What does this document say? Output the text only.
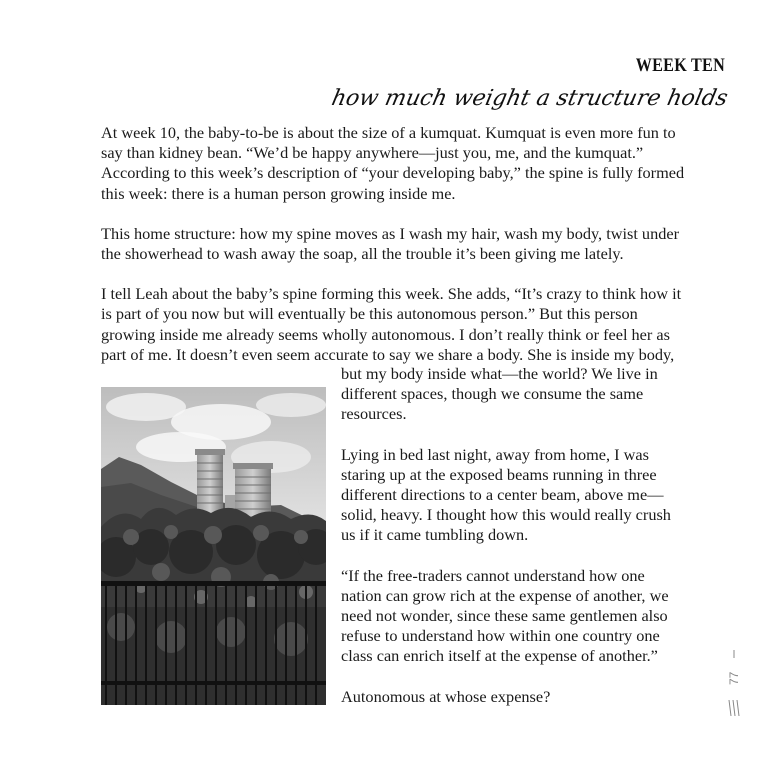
WEEK TEN
how much weight a structure holds

At week 10, the baby-to-be is about the size of a kumquat. Kumquat is even more fun to say than kidney bean. “We’d be happy anywhere—just you, me, and the kumquat.” According to this week’s description of “your developing baby,” the spine is fully formed this week: there is a human person growing inside me.

This home structure: how my spine moves as I wash my hair, wash my body, twist under the showerhead to wash away the soap, all the trouble it’s been giving me lately.

I tell Leah about the baby’s spine forming this week. She adds, “It’s crazy to think how it is part of you now but will eventually be this autonomous person.” But this person growing inside me already seems wholly autonomous. I don’t really think or feel her as part of me. It doesn’t even seem accurate to say we share a body. She is inside my body,

but my body inside what—the world? We live in different spaces, though we consume the same resources.

Lying in bed last night, away from home, I was staring up at the exposed beams running in three different directions to a center beam, above me—solid, heavy. I thought how this would really crush us if it came tumbling down.

“If the free-traders cannot understand how one nation can grow rich at the expense of another, we need not wonder, since these same gentlemen also refuse to understand how within one country one class can enrich itself at the expense of another.”

Autonomous at whose expense?

77
